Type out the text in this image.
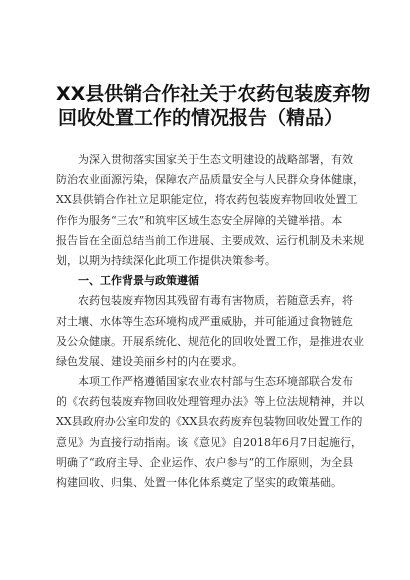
XX县供销合作社关于农药包装废弃物
回收处置工作的情况报告（精品）
为深入贯彻落实国家关于生态文明建设的战略部署，有效
防治农业面源污染，保障农产品质量安全与人民群众身体健康，
XX县供销合作社立足职能定位，将农药包装废弃物回收处置工
作作为服务“三农”和筑牢区域生态安全屏障的关键举措。本
报告旨在全面总结当前工作进展、主要成效、运行机制及未来规
划，以期为持续深化此项工作提供决策参考。
一、工作背景与政策遵循
农药包装废弃物因其残留有毒有害物质，若随意丢弃，将
对土壤、水体等生态环境构成严重威胁，并可能通过食物链危
及公众健康。开展系统化、规范化的回收处置工作，是推进农业
绿色发展、建设美丽乡村的内在要求。
本项工作严格遵循国家农业农村部与生态环境部联合发布
的《农药包装废弃物回收处理管理办法》等上位法规精神，并以
XX县政府办公室印发的《XX县农药废弃包装物回收处置工作的
意见》为直接行动指南。该《意见》自2018年6月7日起施行，
明确了“政府主导、企业运作、农户参与”的工作原则，为全县
构建回收、归集、处置一体化体系奠定了坚实的政策基础。
